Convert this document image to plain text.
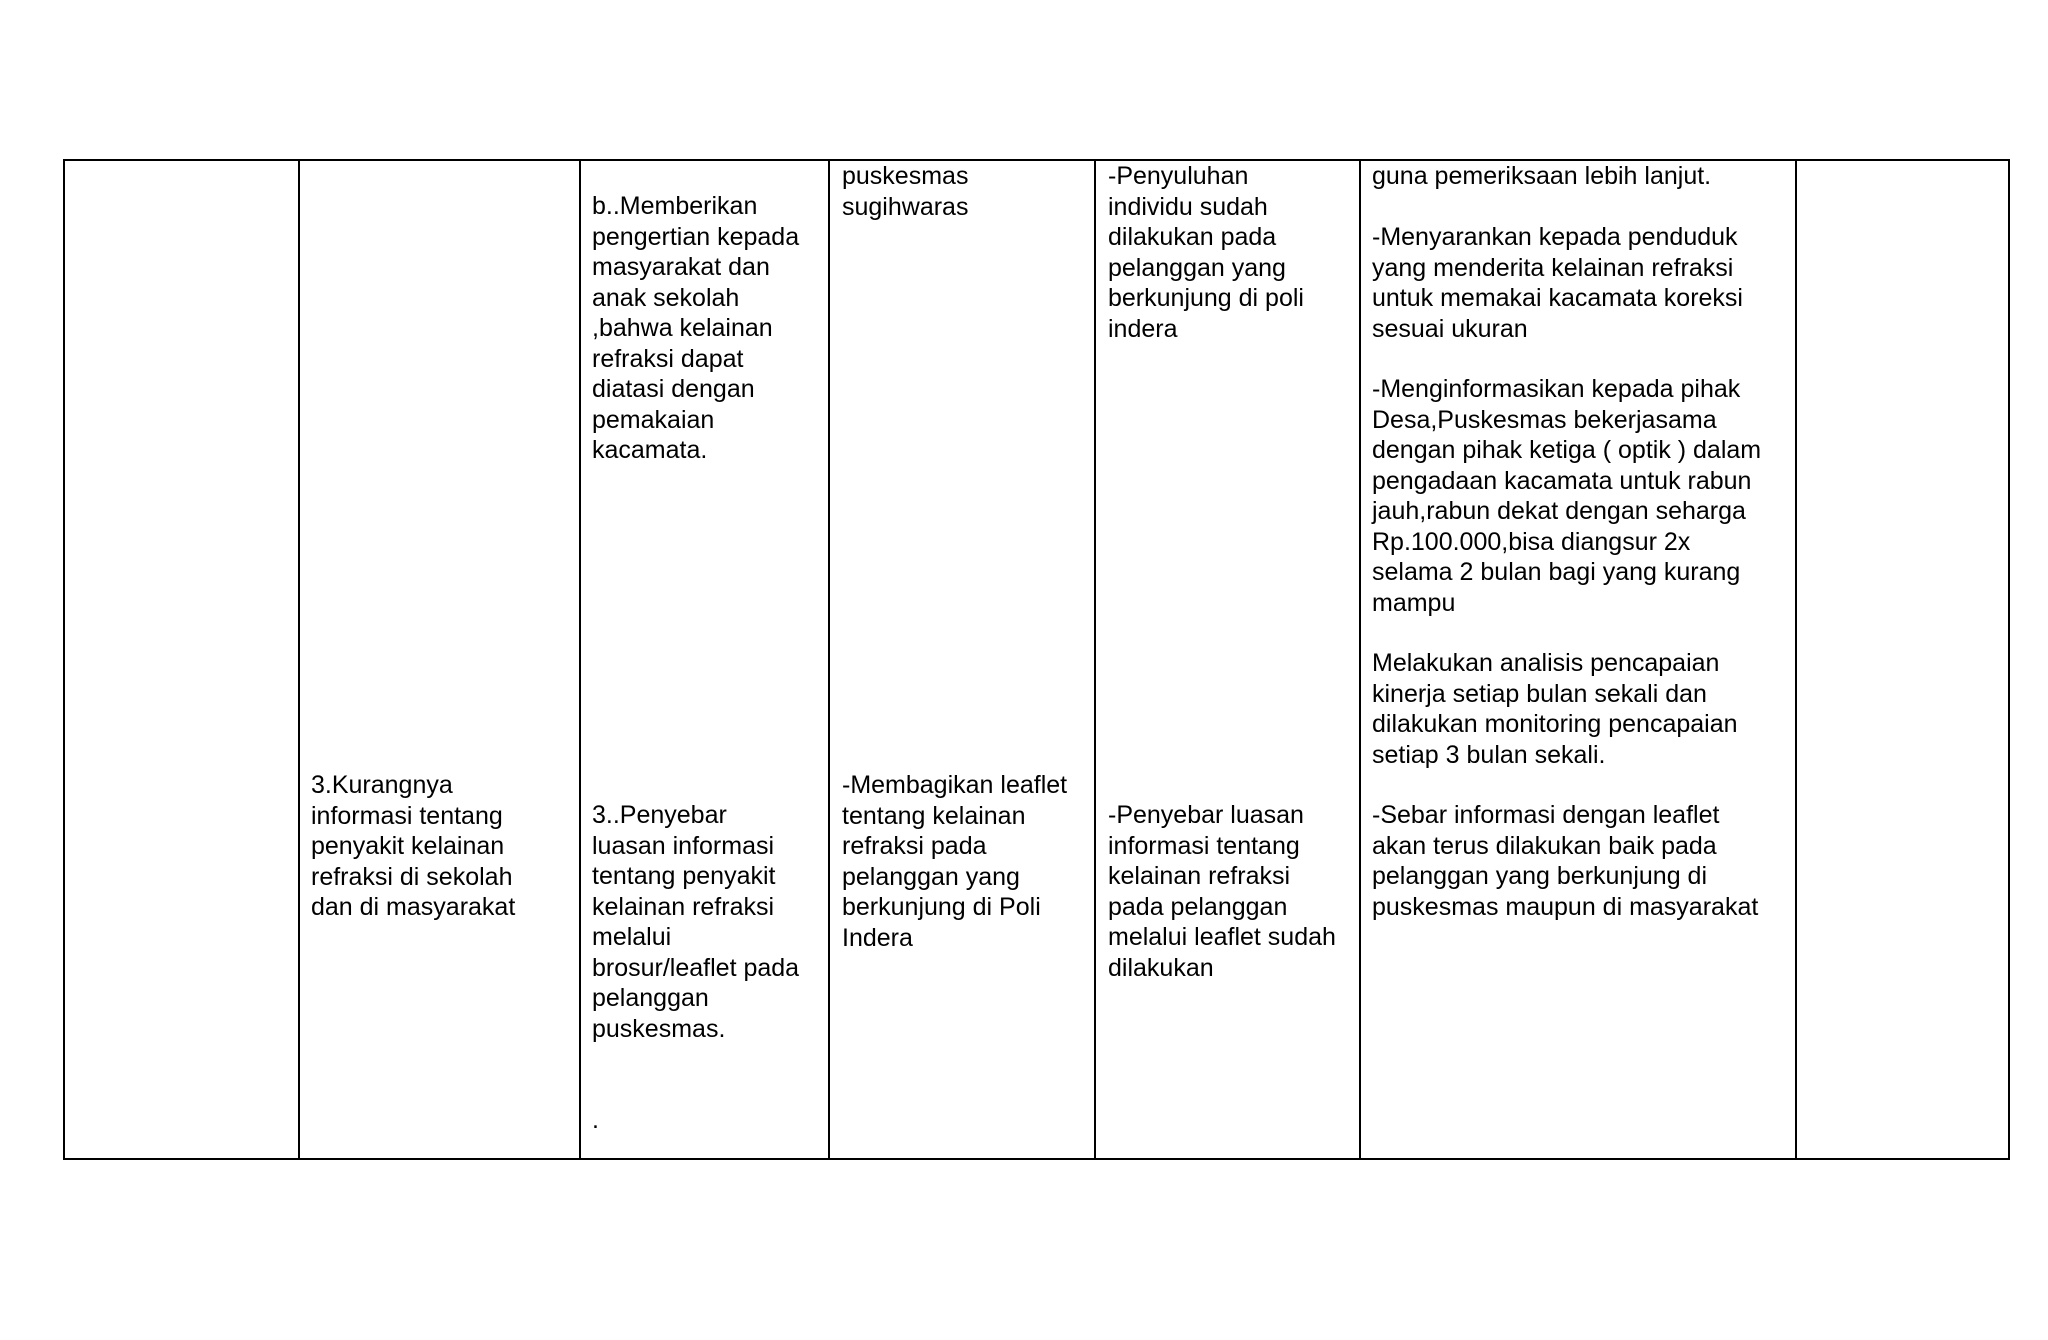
3.Kurangnya
informasi tentang
penyakit kelainan
refraksi di sekolah
dan di masyarakat
b..Memberikan
pengertian kepada
masyarakat dan
anak sekolah
,bahwa kelainan
refraksi dapat
diatasi dengan
pemakaian
kacamata.
3..Penyebar
luasan informasi
tentang penyakit
kelainan refraksi
melalui
brosur/leaflet pada
pelanggan
puskesmas.
.
puskesmas
sugihwaras
-Membagikan leaflet
tentang kelainan
refraksi pada
pelanggan yang
berkunjung di Poli
Indera
-Penyuluhan
individu sudah
dilakukan pada
pelanggan yang
berkunjung di poli
indera
-Penyebar luasan
informasi tentang
kelainan refraksi
pada pelanggan
melalui leaflet sudah
dilakukan
guna pemeriksaan lebih lanjut.
-Menyarankan kepada penduduk
yang menderita kelainan refraksi
untuk memakai kacamata koreksi
sesuai ukuran
-Menginformasikan kepada pihak
Desa,Puskesmas bekerjasama
dengan pihak ketiga ( optik ) dalam
pengadaan kacamata untuk rabun
jauh,rabun dekat dengan seharga
Rp.100.000,bisa diangsur 2x
selama 2 bulan bagi yang kurang
mampu
Melakukan analisis pencapaian
kinerja setiap bulan sekali dan
dilakukan monitoring pencapaian
setiap 3 bulan sekali.
-Sebar informasi dengan leaflet
akan terus dilakukan baik pada
pelanggan yang berkunjung di
puskesmas maupun di masyarakat
